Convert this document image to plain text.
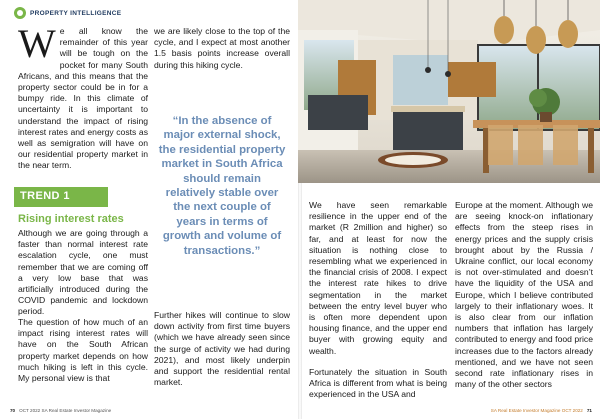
PROPERTY INTELLIGENCE

We all know the remainder of this year will be tough on the pocket for many South Africans, and this means that the property sector could be in for a bumpy ride. In this climate of uncertainty it is important to understand the impact of rising interest rates and energy costs as well as semigration will have on our residential property market in the near term.

TREND 1
Rising interest rates

Although we are going through a faster than normal interest rate escalation cycle, one must remember that we are coming off a very low base that was artificially introduced during the COVID pandemic and lockdown period.

The question of how much of an impact rising interest rates will have on the South African property market depends on how much hiking is left in this cycle. My personal view is that

we are likely close to the top of the cycle, and I expect at most another 1.5 basis points increase overall during this hiking cycle.

“In the absence of major external shock, the residential property market in South Africa should remain relatively stable over the next couple of years in terms of growth and volume of transactions.”

Further hikes will continue to slow down activity from first time buyers (which we have already seen since the surge of activity we had during 2021), and most likely underpin and support the residential rental market.

70 OCT 2022 SA Real Estate Investor Magazine	SA Real Estate Investor Magazine OCT 2022 71

We have seen remarkable resilience in the upper end of the market (R 2million and higher) so far, and at least for now the situation is nothing close to resembling what we experienced in the financial crisis of 2008. I expect the interest rate hikes to drive segmentation in the market between the entry level buyer who is often more dependent upon housing finance, and the upper end buyer with growing equity and wealth.

Fortunately the situation in South Africa is different from what is being experienced in the USA and

Europe at the moment. Although we are seeing knock-on inflationary effects from the steep rises in energy prices and the supply crisis brought about by the Russia / Ukraine conflict, our local economy is not over-stimulated and doesn’t have the liquidity of the USA and Europe, which I believe contributed largely to their inflationary woes. It is also clear from our inflation numbers that inflation has largely contributed to energy and food price increases due to the factors already mentioned, and we have not seen second rate inflationary rises in many of the other sectors
